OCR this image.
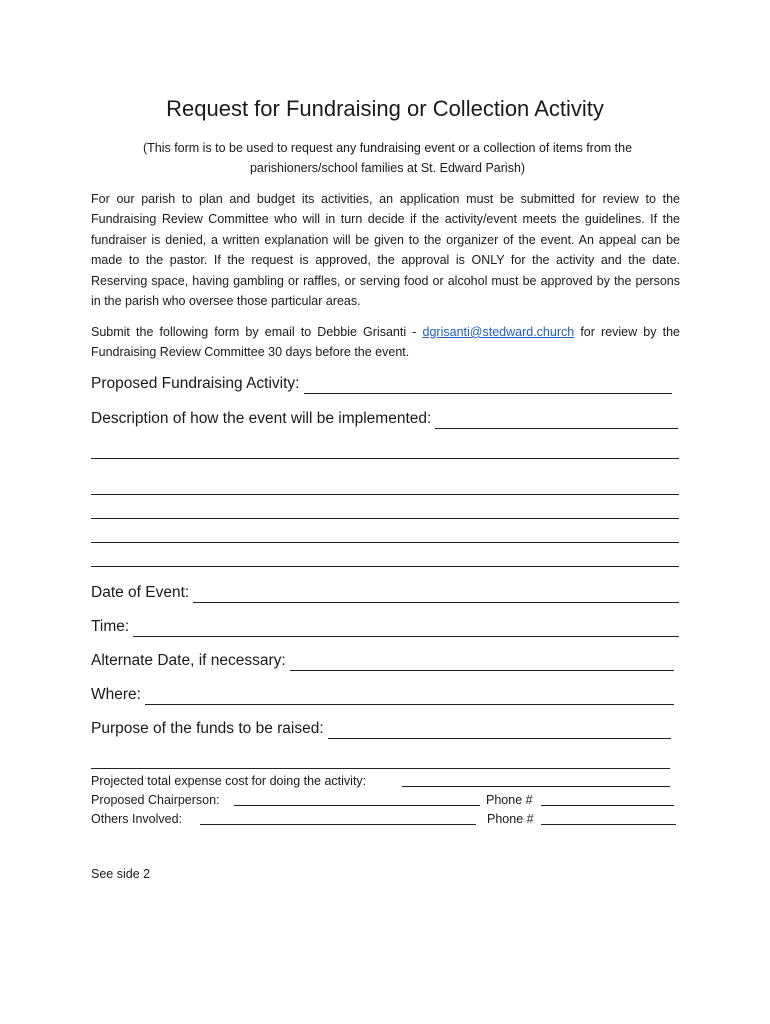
Request for Fundraising or Collection Activity
(This form is to be used to request any fundraising event or a collection of items from the parishioners/school families at St. Edward Parish)
For our parish to plan and budget its activities, an application must be submitted for review to the Fundraising Review Committee who will in turn decide if the activity/event meets the guidelines. If the fundraiser is denied, a written explanation will be given to the organizer of the event. An appeal can be made to the pastor. If the request is approved, the approval is ONLY for the activity and the date. Reserving space, having gambling or raffles, or serving food or alcohol must be approved by the persons in the parish who oversee those particular areas.
Submit the following form by email to Debbie Grisanti - dgrisanti@stedward.church for review by the Fundraising Review Committee 30 days before the event.
Proposed Fundraising Activity:
Description of how the event will be implemented:
Date of Event:
Time:
Alternate Date, if necessary:
Where:
Purpose of the funds to be raised:
Projected total expense cost for doing the activity:
Proposed Chairperson:	Phone #
Others Involved:	Phone #
See side 2
